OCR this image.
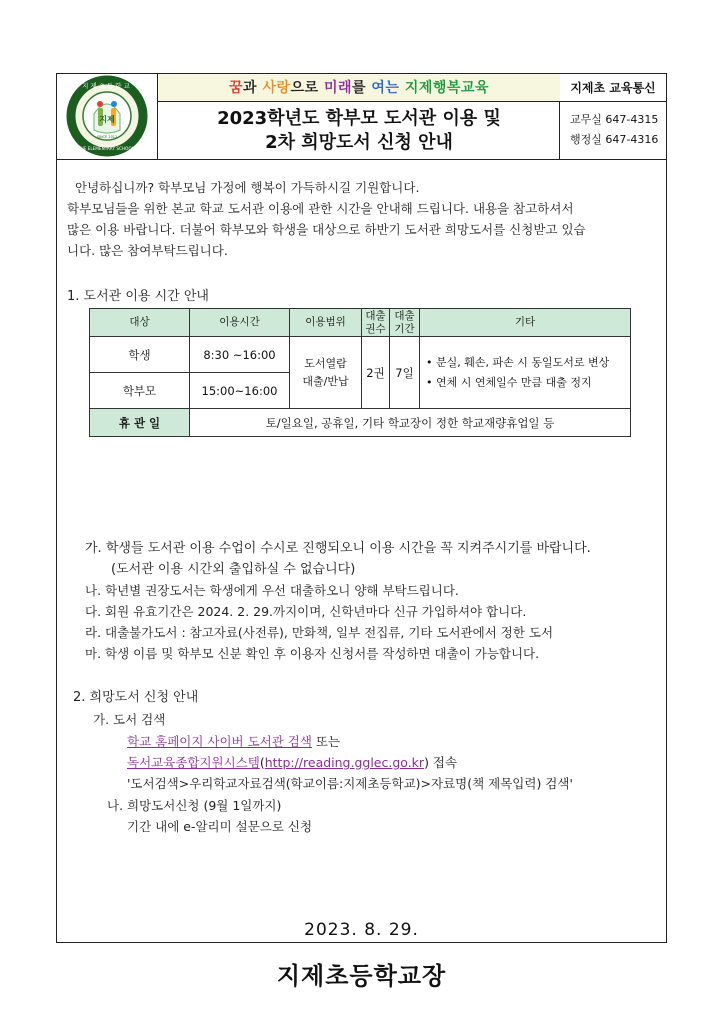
지제
지제초등학교
JIJE ELEMENTARY SCHOOL
SINCE 2012
꿈과 사랑으로 미래를 여는 지제행복교육
2023학년도 학부모 도서관 이용 및
2차 희망도서 신청 안내
지제초 교육통신
교무실 647-4315
행정실 647-4316
안녕하십니까? 학부모님 가정에 행복이 가득하시길 기원합니다.
학부모님들을 위한 본교 학교 도서관 이용에 관한 시간을 안내해 드립니다. 내용을 참고하셔서
많은 이용 바랍니다. 더불어 학부모와 학생을 대상으로 하반기 도서관 희망도서를 신청받고 있습
니다. 많은 참여부탁드립니다.
1. 도서관 이용 시간 안내
대상	이용시간	이용범위	대출권수	대출기간	기타
학생	8:30 ~16:00	도서열람 대출/반납	2권	7일	• 분실, 훼손, 파손 시 동일도서로 변상
• 연체 시 연체일수 만큼 대출 정지

학부모	15:00~16:00				
휴 관 일	토/일요일, 공휴일, 기타 학교장이 정한 학교재량휴업일 등				
가. 학생들 도서관 이용 수업이 수시로 진행되오니 이용 시간을 꼭 지켜주시기를 바랍니다.
(도서관 이용 시간외 출입하실 수 없습니다)
나. 학년별 권장도서는 학생에게 우선 대출하오니 양해 부탁드립니다.
다. 회원 유효기간은 2024. 2. 29.까지이며, 신학년마다 신규 가입하셔야 합니다.
라. 대출불가도서 : 참고자료(사전류), 만화책, 일부 전집류, 기타 도서관에서 정한 도서
마. 학생 이름 및 학부모 신분 확인 후 이용자 신청서를 작성하면 대출이 가능합니다.
2. 희망도서 신청 안내
가. 도서 검색
학교 홈페이지 사이버 도서관 검색 또는
독서교육종합지원시스템(http://reading.gglec.go.kr) 접속
'도서검색>우리학교자료검색(학교이름:지제초등학교)>자료명(책 제목입력) 검색'
나. 희망도서신청 (9월 1일까지)
기간 내에 e-알리미 설문으로 신청
2023. 8. 29.
지제초등학교장
